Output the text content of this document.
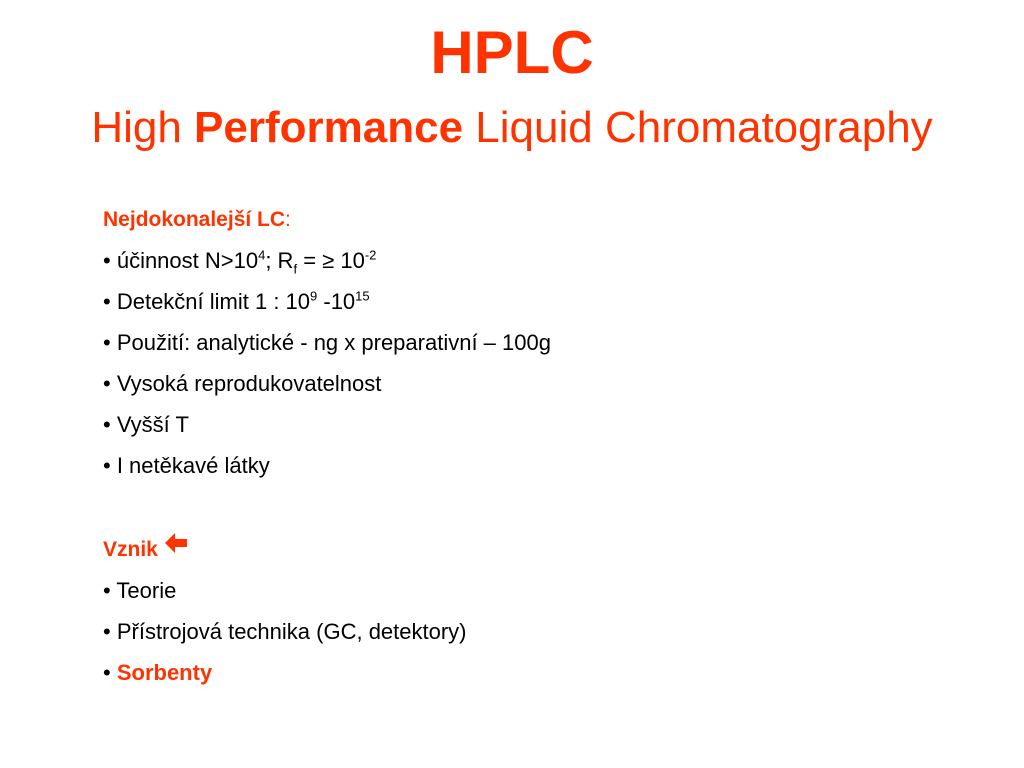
HPLC
High Performance Liquid Chromatography
Nejdokonalejší LC:
• účinnost $N>10^4$; $R_f$ = ≥ $10^{-2}$
• Detekční limit 1 : $10^9$ $-10^{15}$
• Použití: analytické - ng x preparativní – 100g
• Vysoká reprodukovatelnost
• Vyšší T
• I netěkavé látky
Vznik
• Teorie
• Přístrojová technika (GC, detektory)
• Sorbenty
